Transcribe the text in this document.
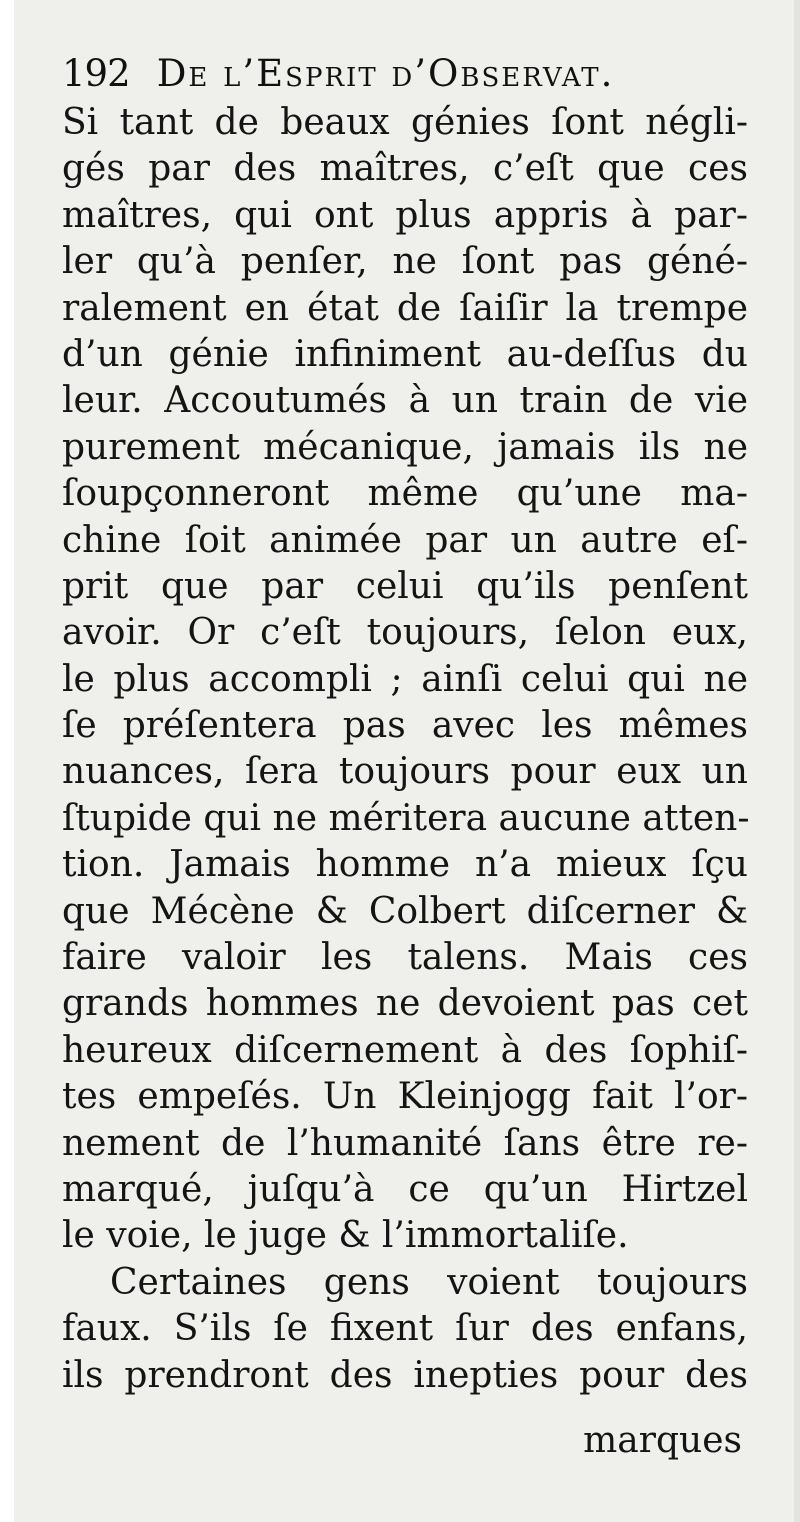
192 De l’Esprit d’Observat.
Si tant de beaux génies ſont négli-
gés par des maîtres, c’eſt que ces
maîtres, qui ont plus appris à par-
ler qu’à penſer, ne ſont pas géné-
ralement en état de ſaiſir la trempe
d’un génie infiniment au-deſſus du
leur. Accoutumés à un train de vie
purement mécanique, jamais ils ne
ſoupçonneront même qu’une ma-
chine ſoit animée par un autre eſ-
prit que par celui qu’ils penſent
avoir. Or c’eſt toujours, ſelon eux,
le plus accompli ; ainſi celui qui ne
ſe préſentera pas avec les mêmes
nuances, ſera toujours pour eux un
ſtupide qui ne méritera aucune atten-
tion. Jamais homme n’a mieux ſçu
que Mécène & Colbert diſcerner &
faire valoir les talens. Mais ces
grands hommes ne devoient pas cet
heureux diſcernement à des ſophiſ-
tes empeſés. Un Kleinjogg fait l’or-
nement de l’humanité ſans être re-
marqué, juſqu’à ce qu’un Hirtzel
le voie, le juge & l’immortaliſe.
Certaines gens voient toujours
faux. S’ils ſe fixent ſur des enfans,
ils prendront des inepties pour des
marques
